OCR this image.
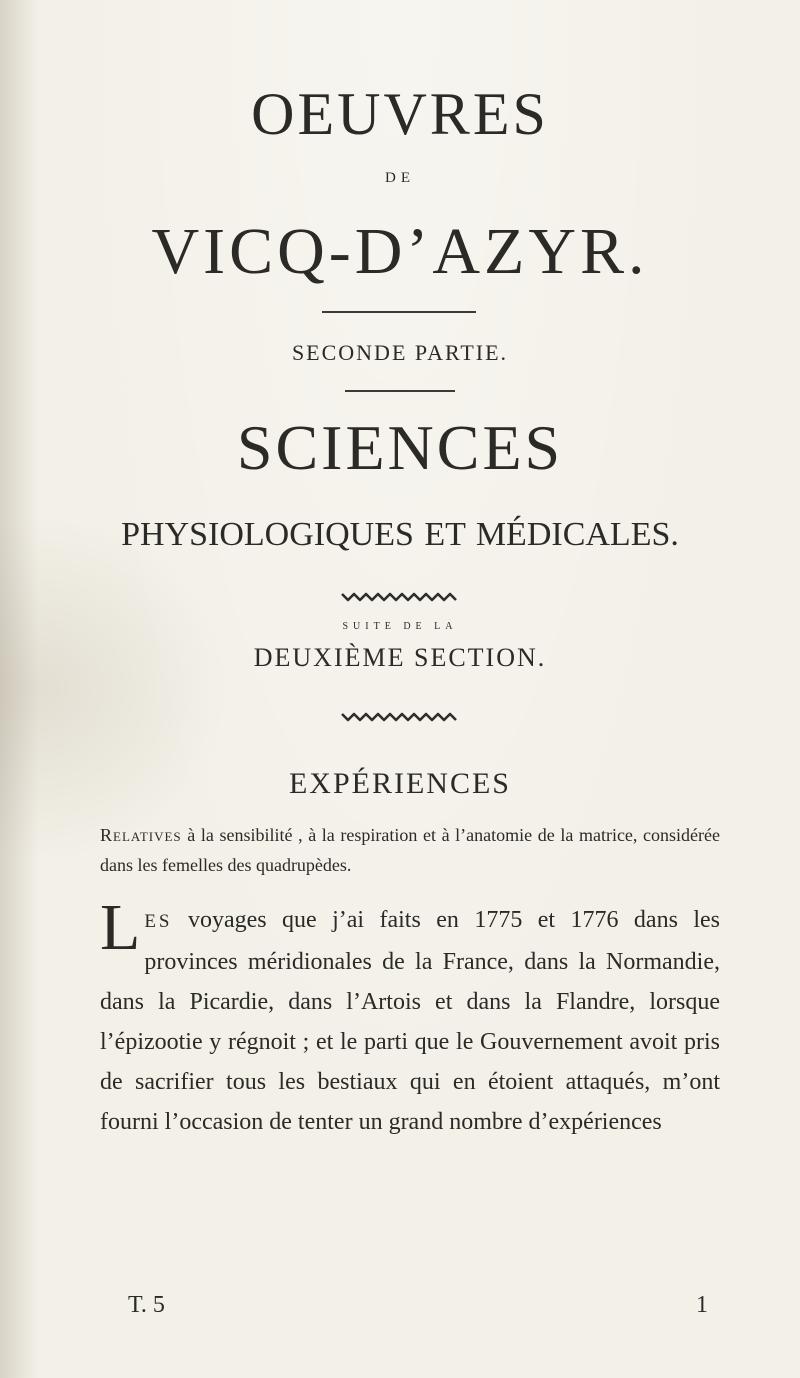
OEUVRES
DE
VICQ-D’AZYR.
SECONDE PARTIE.
SCIENCES
PHYSIOLOGIQUES ET MÉDICALES.
SUITE DE LA
DEUXIÈME SECTION.
EXPÉRIENCES
Relatives à la sensibilité , à la respiration et à l’anatomie de la matrice, considérée dans les femelles des quadrupèdes.
LES voyages que j’ai faits en 1775 et 1776 dans les provinces méridionales de la France, dans la Normandie, dans la Picardie, dans l’Artois et dans la Flandre, lorsque l’épizootie y régnoit ; et le parti que le Gouvernement avoit pris de sacrifier tous les bestiaux qui en étoient attaqués, m’ont fourni l’occasion de tenter un grand nombre d’expériences
T. 5	1
